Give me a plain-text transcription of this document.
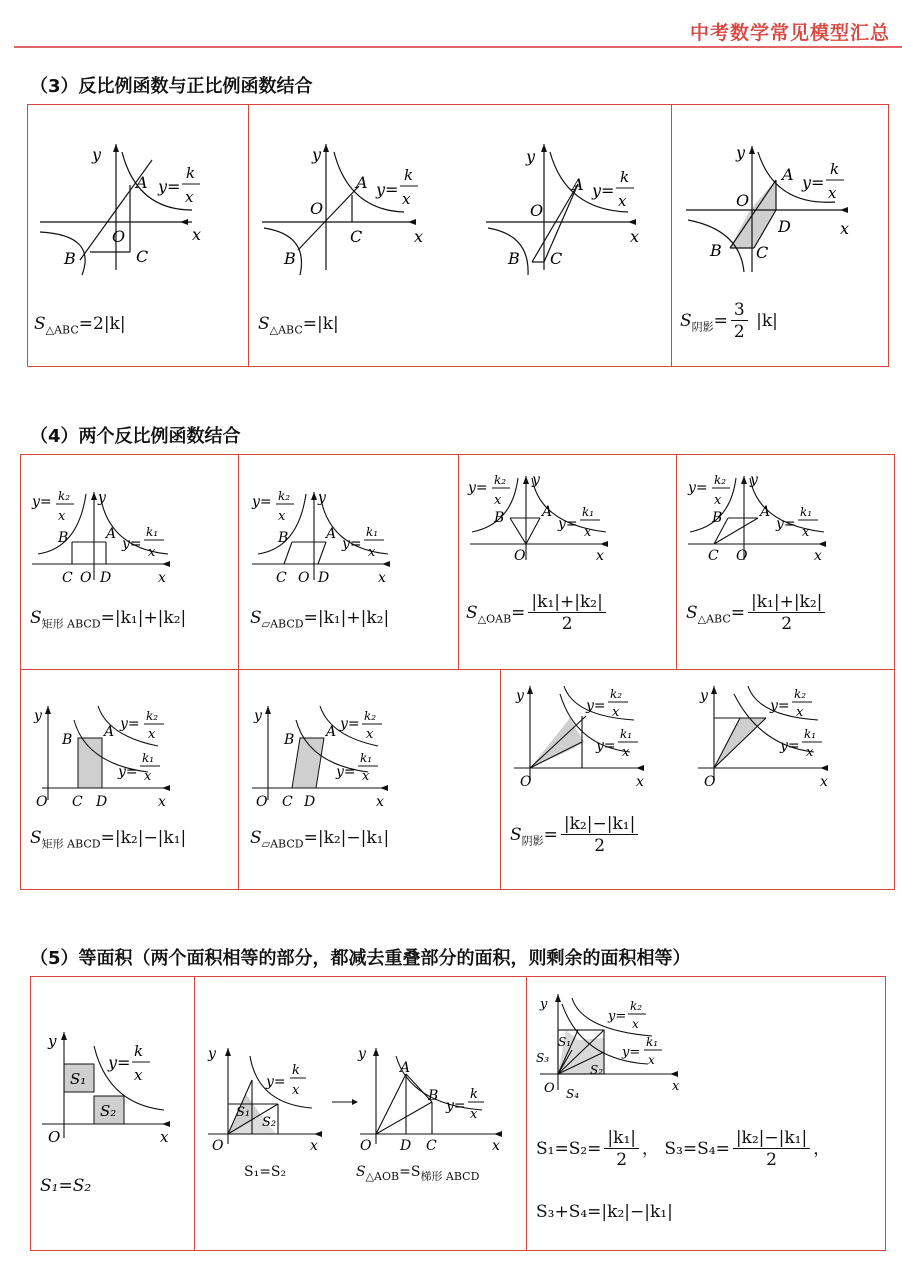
中考数学常见模型汇总
（3）反比例函数与正比例函数结合
y
x
O
A
B	C
y=
k
x
$S_{\triangle ABC}=2|k|$
y
x
O
A
B
C
y=
k
x
$S_{\triangle ABC}=|k|$
y
x
O
A
B C
y=
k
x
y
x
O
A
B C
D
y=
k
x
$S_{阴影}= \frac{3}{2} |k|$
（4）两个反比例函数结合
y= k₂
x
y
B	A
y=
k₁
x
C O D	x
$S_{矩形 ABCD}=|k_1|+|k_2|$
y= k₂
x
y
B	A
y=
k₁
x
C O D	x
$S_{▱ABCD}=|k_1|+|k_2|$
y= k₂
x
y
B	A
y=
k₁
x
O	x
$S_{\triangle OAB}= \frac{\text{|k₁|+|k₂|}}{2}$
y= k₂
x
y
B	A
y=
k₁
x
C O	x
$S_{\triangle ABC}= \frac{\text{|k₁|+|k₂|}}{2}$
y
B A y= k₂
x
y=
k₁
x
O C D	x
$S_{矩形 ABCD}=|k_2|-|k_1|$
y
B A y= k₂
x
y=
k₁
x
O C D	x
$S_{▱ABCD}=|k_2|-|k_1|$
y
y=
k₂
x
y=
k₁
x
O	x
y
y=
k₂
x
y=
k₁
x
O	x
$S_{阴影}= \frac{\text{|k₂|−|k₁|}}{2}$
（5）等面积（两个面积相等的部分，都减去重叠部分的面积，则剩余的面积相等）
y
S₁
S₂
y=
k
x
O	x
S₁=S₂
y
S₁
S₂
y=
k
x
O	x
y
A
B
y=
k
x
O D C	x
S₁=S₂	$S_{\triangle AOB}=S_{梯形 ABCD}$
y
S₁
S₃
S₂
S₄
y=
k₂
x
y=
k₁
x
O	x
$S_1=S_2= \frac{\text{|k₁|}}{2}$ ， $S_3=S_4= \frac{\text{|k₂|−|k₁|}}{2}$ ，
S₃+S₄=|k₂|−|k₁|
